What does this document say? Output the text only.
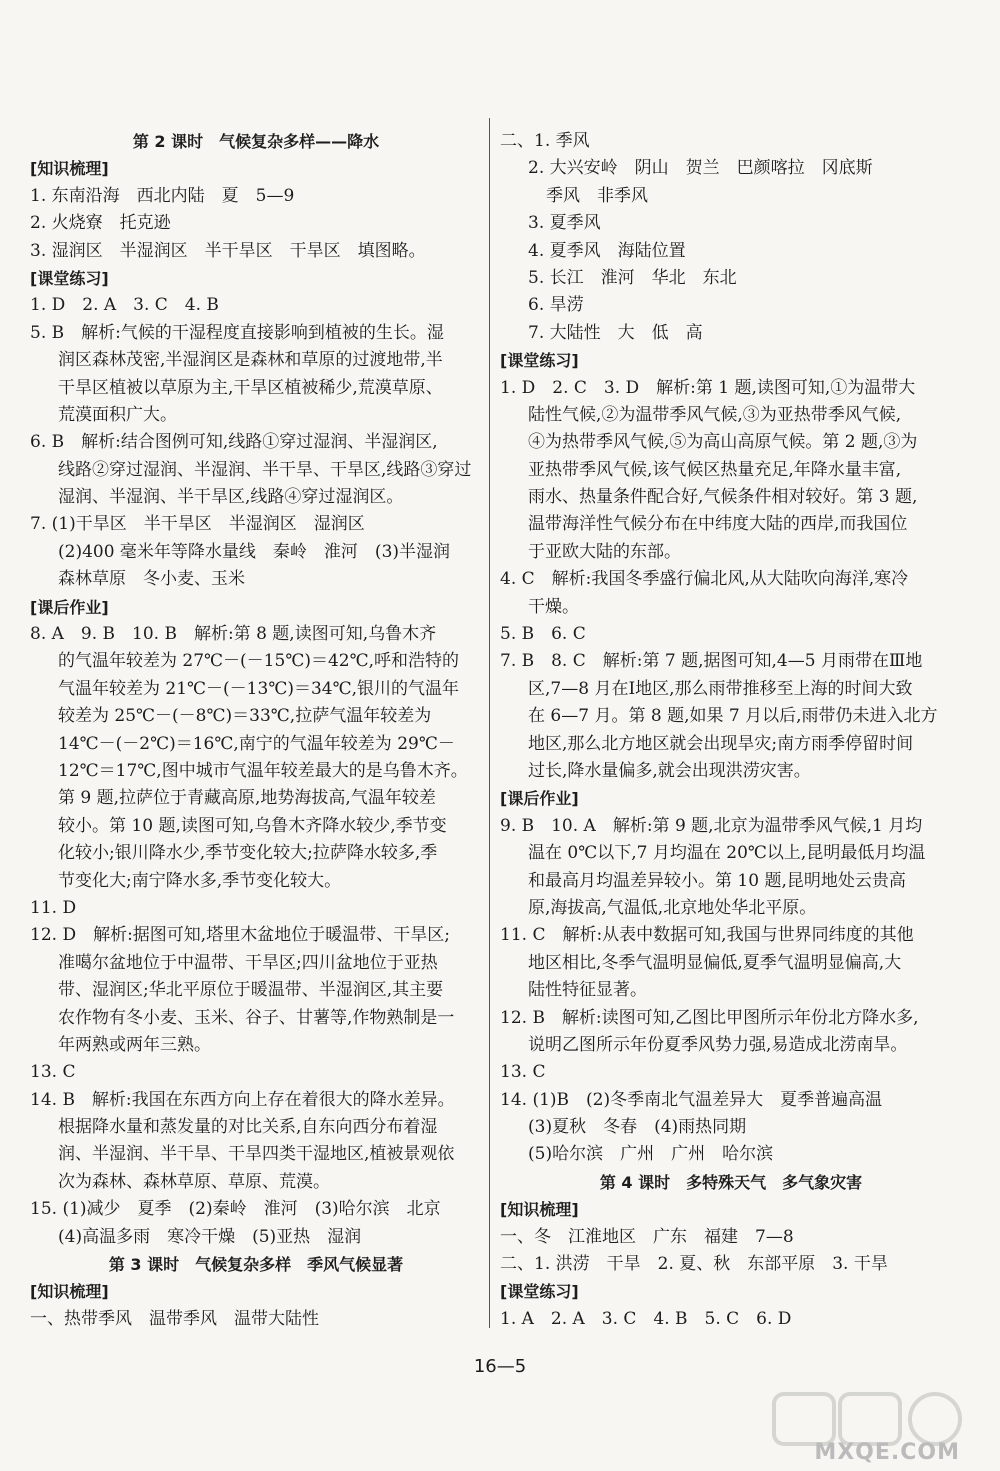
第 2 课时　气候复杂多样——降水
[知识梳理]
1. 东南沿海　西北内陆　夏　5—9
2. 火烧寮　托克逊
3. 湿润区　半湿润区　半干旱区　干旱区　填图略。
[课堂练习]
1. D　2. A　3. C　4. B
5. B　解析:气候的干湿程度直接影响到植被的生长。湿
润区森林茂密,半湿润区是森林和草原的过渡地带,半
干旱区植被以草原为主,干旱区植被稀少,荒漠草原、
荒漠面积广大。
6. B　解析:结合图例可知,线路①穿过湿润、半湿润区,
线路②穿过湿润、半湿润、半干旱、干旱区,线路③穿过
湿润、半湿润、半干旱区,线路④穿过湿润区。
7. (1)干旱区　半干旱区　半湿润区　湿润区
(2)400 毫米年等降水量线　秦岭　淮河　(3)半湿润
森林草原　冬小麦、玉米
[课后作业]
8. A　9. B　10. B　解析:第 8 题,读图可知,乌鲁木齐
的气温年较差为 27℃－(－15℃)＝42℃,呼和浩特的
气温年较差为 21℃－(－13℃)＝34℃,银川的气温年
较差为 25℃－(－8℃)＝33℃,拉萨气温年较差为
14℃－(－2℃)＝16℃,南宁的气温年较差为 29℃－
12℃＝17℃,图中城市气温年较差最大的是乌鲁木齐。
第 9 题,拉萨位于青藏高原,地势海拔高,气温年较差
较小。第 10 题,读图可知,乌鲁木齐降水较少,季节变
化较小;银川降水少,季节变化较大;拉萨降水较多,季
节变化大;南宁降水多,季节变化较大。
11. D
12. D　解析:据图可知,塔里木盆地位于暖温带、干旱区;
准噶尔盆地位于中温带、干旱区;四川盆地位于亚热
带、湿润区;华北平原位于暖温带、半湿润区,其主要
农作物有冬小麦、玉米、谷子、甘薯等,作物熟制是一
年两熟或两年三熟。
13. C
14. B　解析:我国在东西方向上存在着很大的降水差异。
根据降水量和蒸发量的对比关系,自东向西分布着湿
润、半湿润、半干旱、干旱四类干湿地区,植被景观依
次为森林、森林草原、草原、荒漠。
15. (1)减少　夏季　(2)秦岭　淮河　(3)哈尔滨　北京
(4)高温多雨　寒冷干燥　(5)亚热　湿润
第 3 课时　气候复杂多样　季风气候显著
[知识梳理]
一、热带季风　温带季风　温带大陆性
二、1. 季风
2. 大兴安岭　阴山　贺兰　巴颜喀拉　冈底斯
季风　非季风
3. 夏季风
4. 夏季风　海陆位置
5. 长江　淮河　华北　东北
6. 旱涝
7. 大陆性　大　低　高
[课堂练习]
1. D　2. C　3. D　解析:第 1 题,读图可知,①为温带大
陆性气候,②为温带季风气候,③为亚热带季风气候,
④为热带季风气候,⑤为高山高原气候。第 2 题,③为
亚热带季风气候,该气候区热量充足,年降水量丰富,
雨水、热量条件配合好,气候条件相对较好。第 3 题,
温带海洋性气候分布在中纬度大陆的西岸,而我国位
于亚欧大陆的东部。
4. C　解析:我国冬季盛行偏北风,从大陆吹向海洋,寒冷
干燥。
5. B　6. C
7. B　8. C　解析:第 7 题,据图可知,4—5 月雨带在Ⅲ地
区,7—8 月在Ⅰ地区,那么雨带推移至上海的时间大致
在 6—7 月。第 8 题,如果 7 月以后,雨带仍未进入北方
地区,那么北方地区就会出现旱灾;南方雨季停留时间
过长,降水量偏多,就会出现洪涝灾害。
[课后作业]
9. B　10. A　解析:第 9 题,北京为温带季风气候,1 月均
温在 0℃以下,7 月均温在 20℃以上,昆明最低月均温
和最高月均温差异较小。第 10 题,昆明地处云贵高
原,海拔高,气温低,北京地处华北平原。
11. C　解析:从表中数据可知,我国与世界同纬度的其他
地区相比,冬季气温明显偏低,夏季气温明显偏高,大
陆性特征显著。
12. B　解析:读图可知,乙图比甲图所示年份北方降水多,
说明乙图所示年份夏季风势力强,易造成北涝南旱。
13. C
14. (1)B　(2)冬季南北气温差异大　夏季普遍高温
(3)夏秋　冬春　(4)雨热同期
(5)哈尔滨　广州　广州　哈尔滨
第 4 课时　多特殊天气　多气象灾害
[知识梳理]
一、冬　江淮地区　广东　福建　7—8
二、1. 洪涝　干旱　2. 夏、秋　东部平原　3. 干旱
[课堂练习]
1. A　2. A　3. C　4. B　5. C　6. D
16—5
MXQE.COM
